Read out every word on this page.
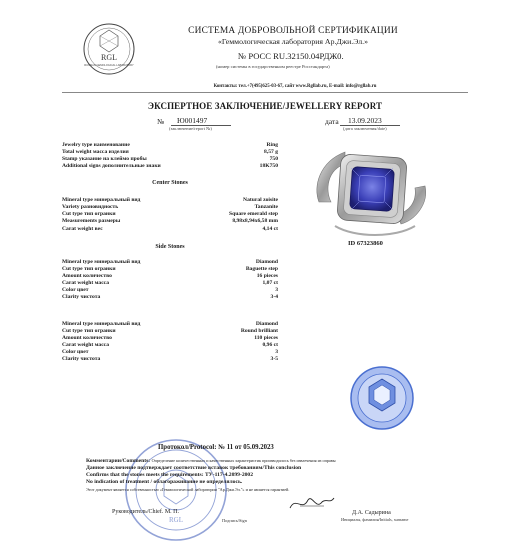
RGL
RUSSIAN GEMOLOGICAL LABORATORY
СИСТЕМА ДОБРОВОЛЬНОЙ СЕРТИФИКАЦИИ
«Геммологическая лаборатория Ар.Джи.Эл.»
№ РОСС RU.32150.04РДЖ0.
(номер системы в государственном реестре Росстандарта)
Контакты: тел.+7(495)625-03-67, сайт www.Rgllab.ru, E-mail: info@rgllab.ru
ЭКСПЕРТНОЕ ЗАКЛЮЧЕНИЕ/JEWELLERY REPORT
№ Ю001497
(заключение/report №)
дата 13.09.2023
(дата заключения/date)
Jewelry type наименование	Ring
Total weight масса изделия	8,57 g
Stamp указание на клеймо пробы	750
Additional signs дополнительные знаки	18K750
Center Stones
Mineral type минеральный вид	Natural zoisite
Variety разновидность	Tanzanite
Cut type тип огранки	Square emerald step
Measurements размеры	8,98x8,94x6,58 mm
Carat weight вес	4,14 ct
Side Stones
Mineral type минеральный вид	Diamond
Cut type тип огранки	Baguette step
Amount количество	16 pieces
Carat weight масса	1,07 ct
Color цвет	3
Clarity чистота	3-4
Mineral type минеральный вид	Diamond
Cut type тип огранки	Round brilliant
Amount количество	110 pieces
Carat weight масса	0,96 ct
Color цвет	3
Clarity чистота	3-5
ID 67323860
RGL
Протокол/Protocol: № 11 от 05.09.2023
Комментарии/Comments: Определение количественных и качественных характеристик производилось без извлечения из оправы
Данное заключение подтверждает соответствие вставок требованиям/This conclusion
Confirms that the stones meets the requirements: ТУ-117-4.2099-2002
No indication of treatment / облагораживание не определялось.
Этот документ является собственностью «Геммологической лаборатории "Ар.Джи.Эл."» и не является гарантией.
Руководитель/Chief. М. П.
Подпись/Sign
Д.А. Садырина
Инициалы, фамилия/Initials, surname
